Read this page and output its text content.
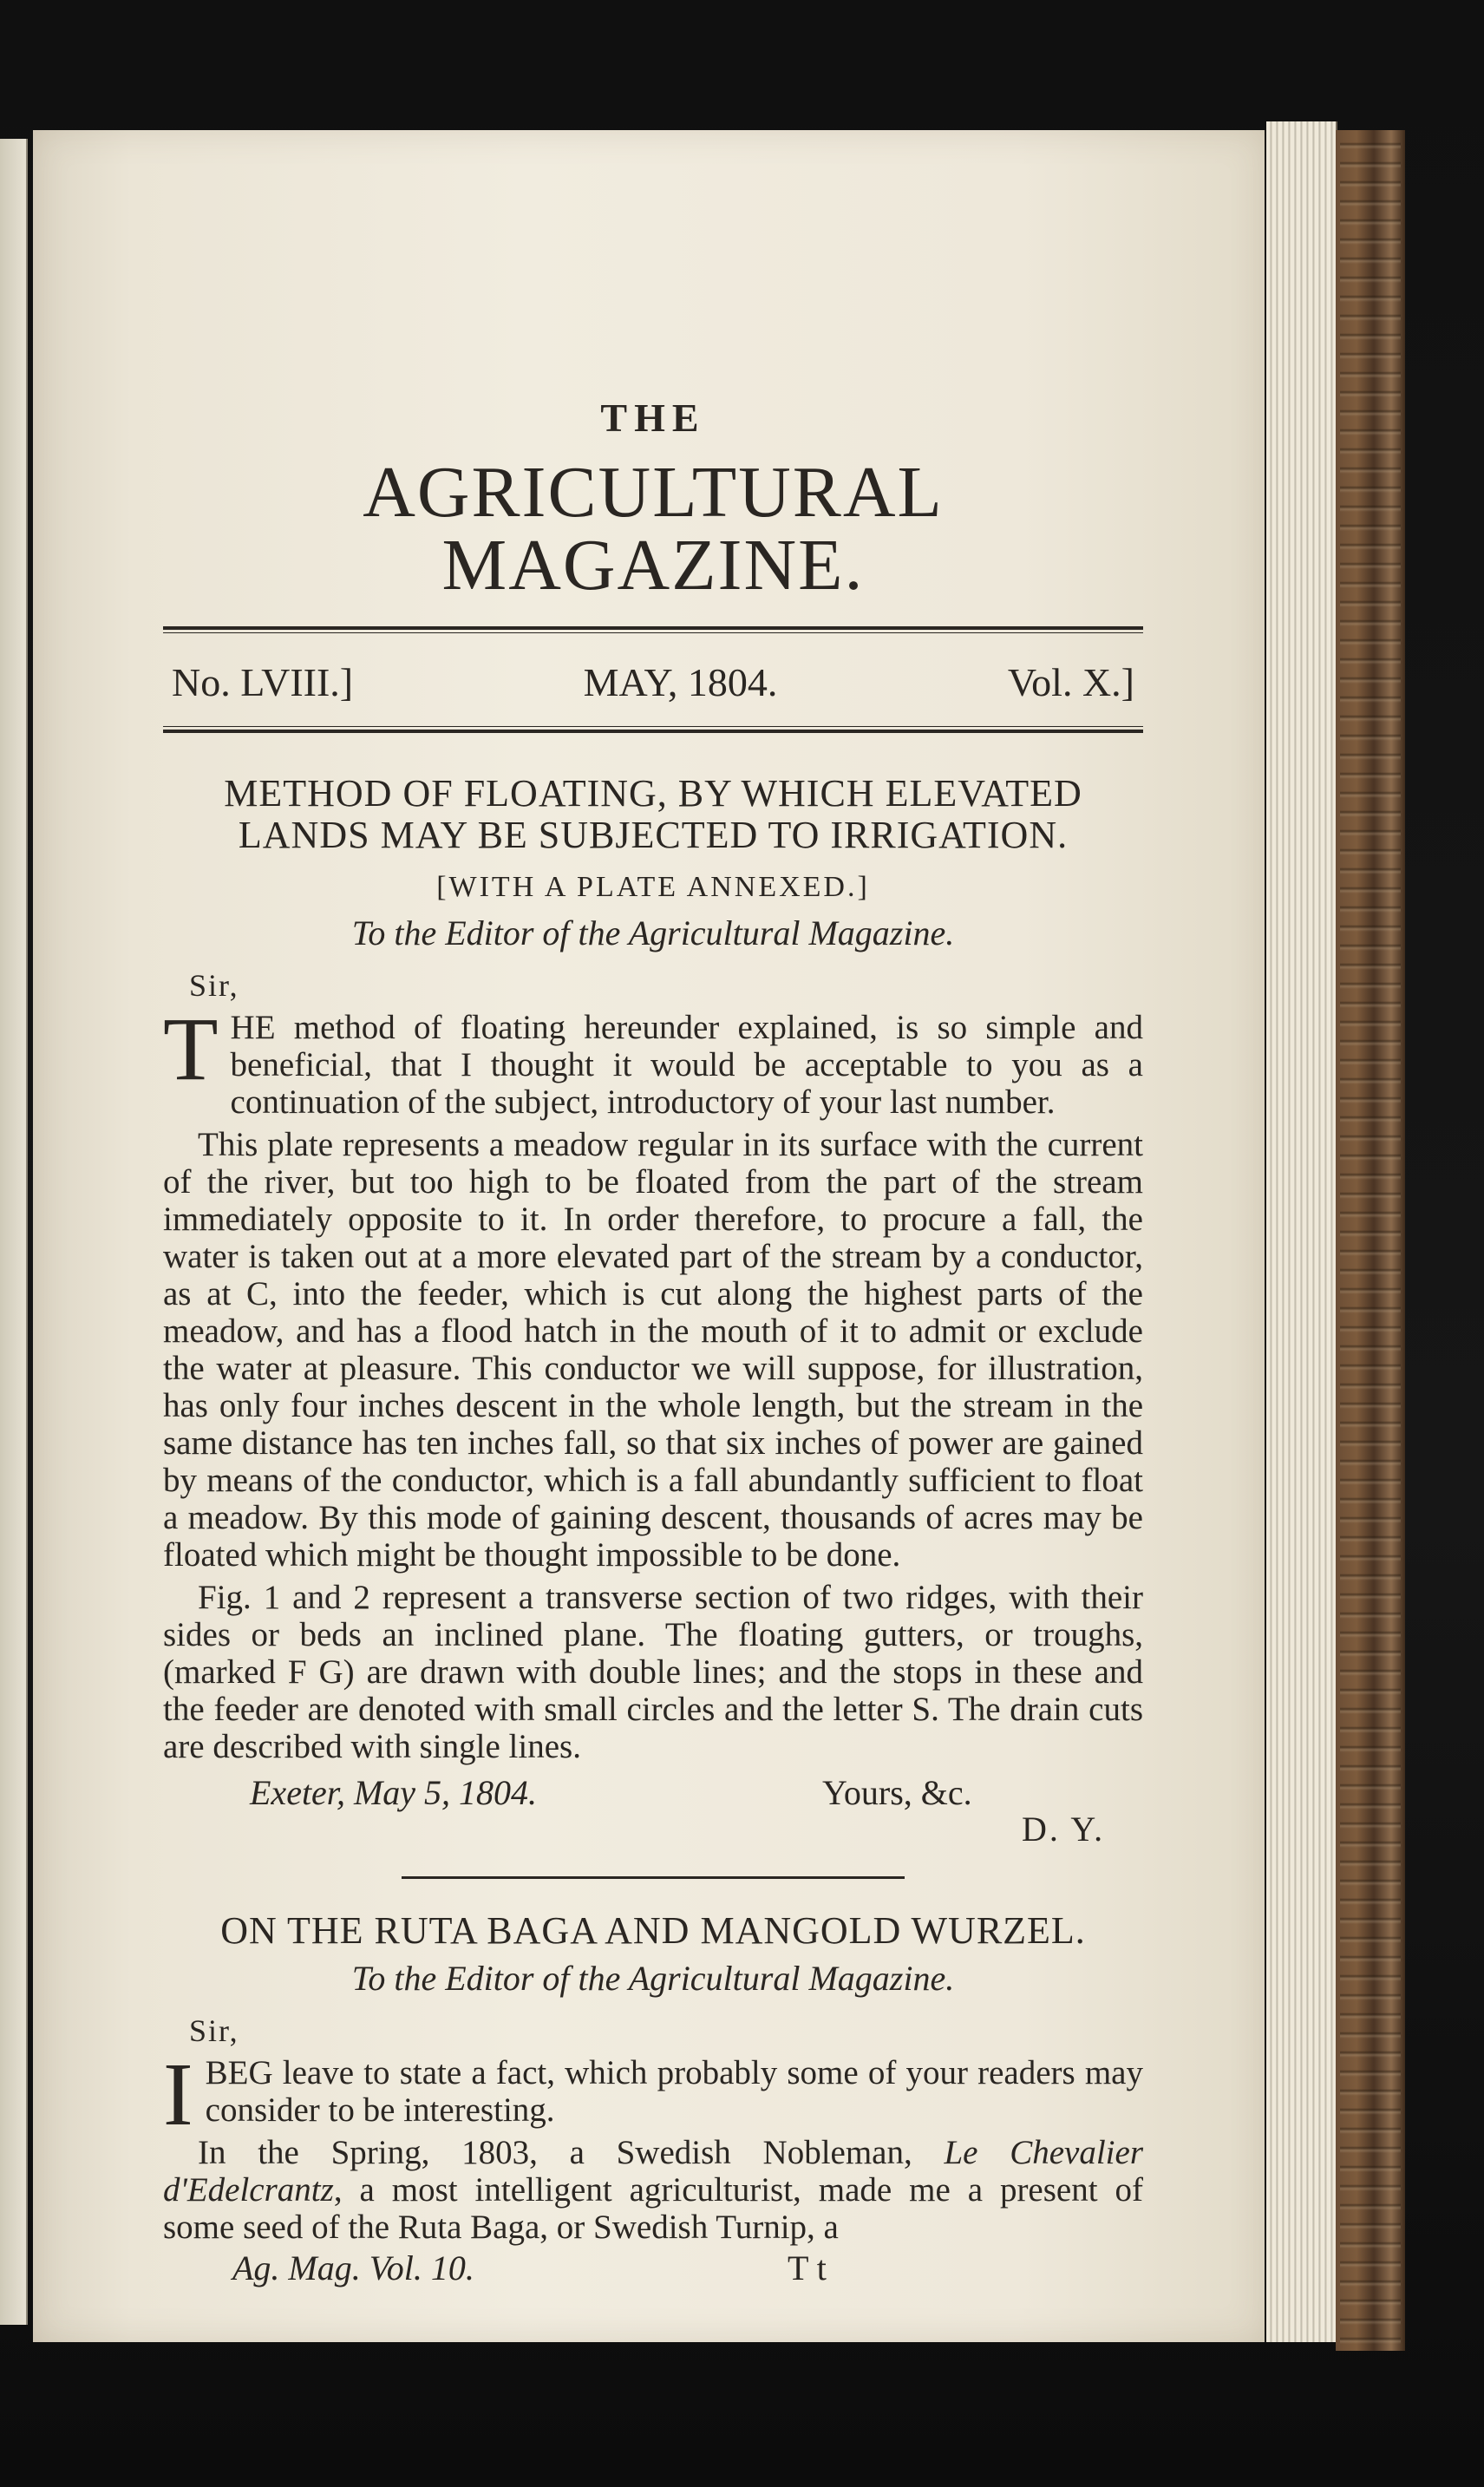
THE
AGRICULTURAL MAGAZINE.
No. LVIII.]	MAY, 1804.	Vol. X.]
METHOD OF FLOATING, BY WHICH ELEVATED
LANDS MAY BE SUBJECTED TO IRRIGATION.
[WITH A PLATE ANNEXED.]
To the Editor of the Agricultural Magazine.
Sir,

THE method of floating hereunder explained, is so simple and beneficial, that I thought it would be acceptable to you as a continuation of the subject, introductory of your last number.

This plate represents a meadow regular in its surface with the current of the river, but too high to be floated from the part of the stream immediately opposite to it. In order therefore, to procure a fall, the water is taken out at a more elevated part of the stream by a conductor, as at C, into the feeder, which is cut along the highest parts of the meadow, and has a flood hatch in the mouth of it to admit or exclude the water at pleasure. This conductor we will suppose, for illustration, has only four inches descent in the whole length, but the stream in the same distance has ten inches fall, so that six inches of power are gained by means of the conductor, which is a fall abundantly sufficient to float a meadow. By this mode of gaining descent, thousands of acres may be floated which might be thought impossible to be done.

Fig. 1 and 2 represent a transverse section of two ridges, with their sides or beds an inclined plane. The floating gutters, or troughs, (marked F G) are drawn with double lines; and the stops in these and the feeder are denoted with small circles and the letter S. The drain cuts are described with single lines.

Exeter, May 5, 1804.	Yours, &c.
D. Y.
ON THE RUTA BAGA AND MANGOLD WURZEL.
To the Editor of the Agricultural Magazine.
Sir,

IBEG leave to state a fact, which probably some of your readers may consider to be interesting.

In the Spring, 1803, a Swedish Nobleman, Le Chevalier d'Edelcrantz, a most intelligent agriculturist, made me a present of some seed of the Ruta Baga, or Swedish Turnip, a

Ag. Mag. Vol. 10.	T t
